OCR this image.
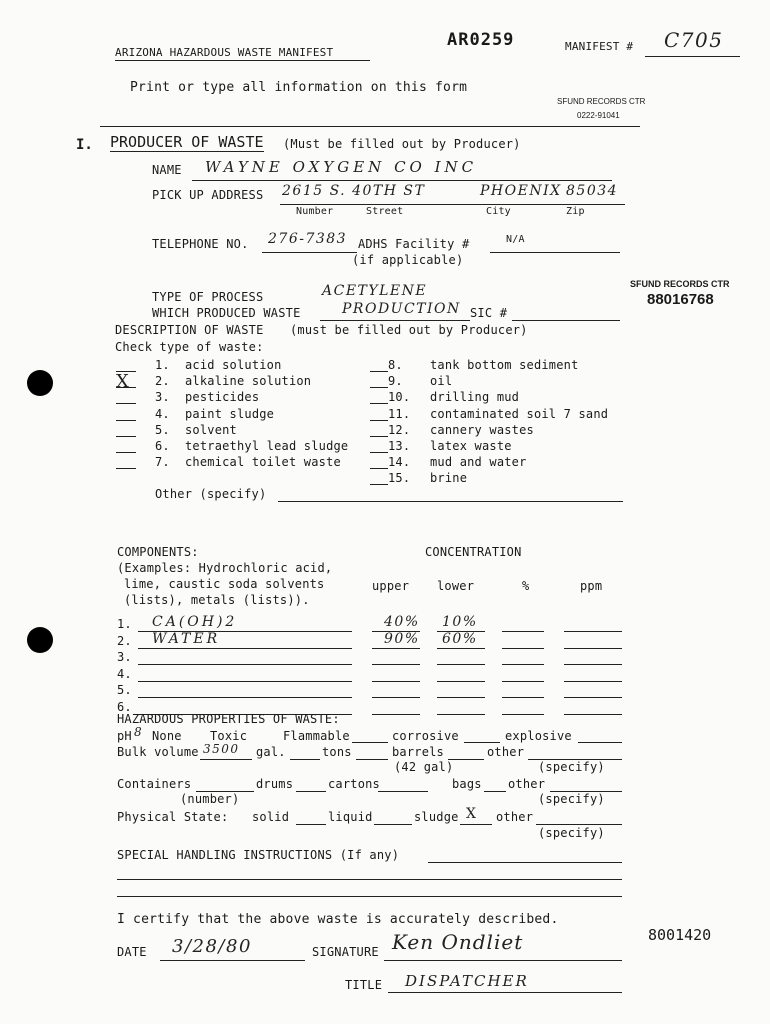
ARIZONA HAZARDOUS WASTE MANIFEST
AR0259	MANIFEST # C705
Print or type all information on this form
SFUND RECORDS CTR
0222-91041
I. PRODUCER OF WASTE (Must be filled out by Producer)
NAME WAYNE OXYGEN CO INC
PICK UP ADDRESS 2615 S. 40TH ST	PHOENIX 85034
Number	Street	City	Zip
TELEPHONE NO. 276-7383 ADHS Facility #	N/A
(if applicable)
SFUND RECORDS CTR
88016768
TYPE OF PROCESS	ACETYLENE
WHICH PRODUCED WASTE	PRODUCTION SIC #
DESCRIPTION OF WASTE (must be filled out by Producer)
Check type of waste:
1. acid solution
2. alkaline solution
3. pesticides
4. paint sludge
5. solvent
6. tetraethyl lead sludge
7. chemical toilet waste
8. tank bottom sediment
9. oil
10. drilling mud
11. contaminated soil 7 sand
12. cannery wastes
13. latex waste
14. mud and water
15. brine
X
Other (specify)
COMPONENTS:
(Examples: Hydrochloric acid,
lime, caustic soda solvents
(lists), metals (lists)).
CONCENTRATION
upper lower	%	ppm
1. CA(OH)2	40% 10%
2. WATER	90% 60%
3.
4.
5.
6.
HAZARDOUS PROPERTIES OF WASTE:
pH 8 None Toxic	Flammable	corrosive	explosive
Bulk volume 3500 gal.	tons	barrels	other
(42 gal)	(specify)
Containers	drums	cartons	bags other
(number)	(specify)
Physical State: solid	liquid	sludge X other
(specify)
SPECIAL HANDLING INSTRUCTIONS (If any)
I certify that the above waste is accurately described.
DATE 3/28/80	SIGNATURE Ken Ondliet	8001420
TITLE DISPATCHER
